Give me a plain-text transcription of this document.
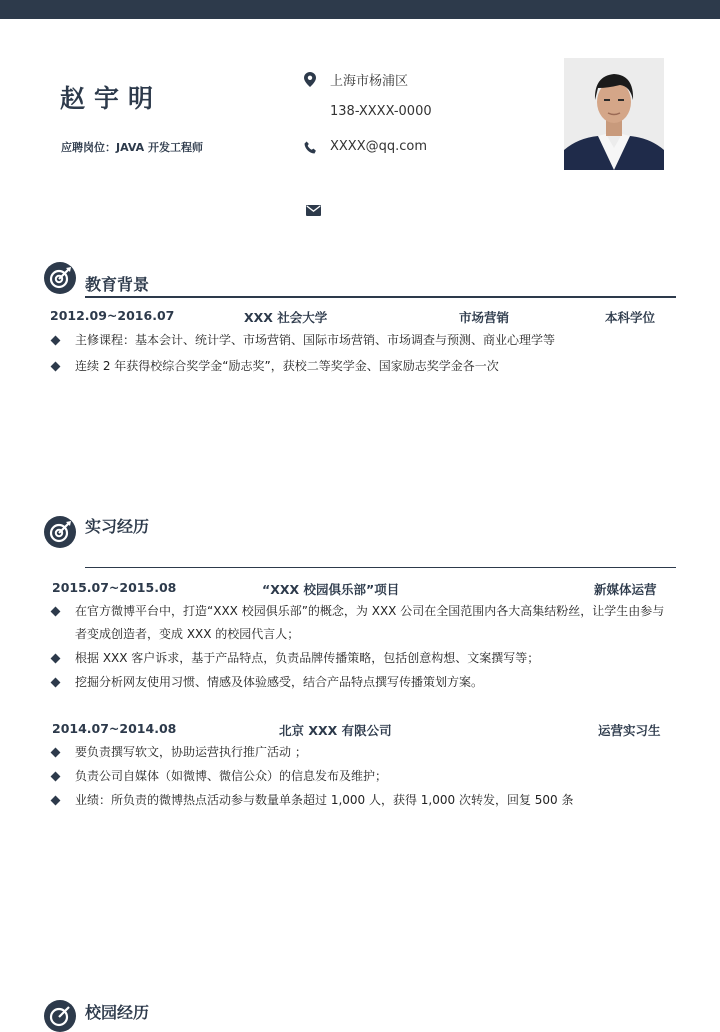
赵宇明
应聘岗位：JAVA 开发工程师
上海市杨浦区
138-XXXX-0000
XXXX@qq.com
教育背景
2012.09~2016.07	XXX 社会大学	市场营销	本科学位
主修课程：基本会计、统计学、市场营销、国际市场营销、市场调查与预测、商业心理学等
连续 2 年获得校综合奖学金“励志奖”，获校二等奖学金、国家励志奖学金各一次
实习经历
2015.07~2015.08	“XXX 校园俱乐部”项目	新媒体运营
在官方微博平台中，打造“XXX 校园俱乐部”的概念，为 XXX 公司在全国范围内各大高集结粉丝，让学生由参与者变成创造者，变成 XXX 的校园代言人；
根据 XXX 客户诉求，基于产品特点，负责品牌传播策略，包括创意构想、文案撰写等；
挖掘分析网友使用习惯、情感及体验感受，结合产品特点撰写传播策划方案。
2014.07~2014.08	北京 XXX 有限公司	运营实习生
要负责撰写软文，协助运营执行推广活动 ；
负责公司自媒体（如微博、微信公众）的信息发布及维护；
业绩：所负责的微博热点活动参与数量单条超过 1,000 人，获得 1,000 次转发，回复 500 条
校园经历
